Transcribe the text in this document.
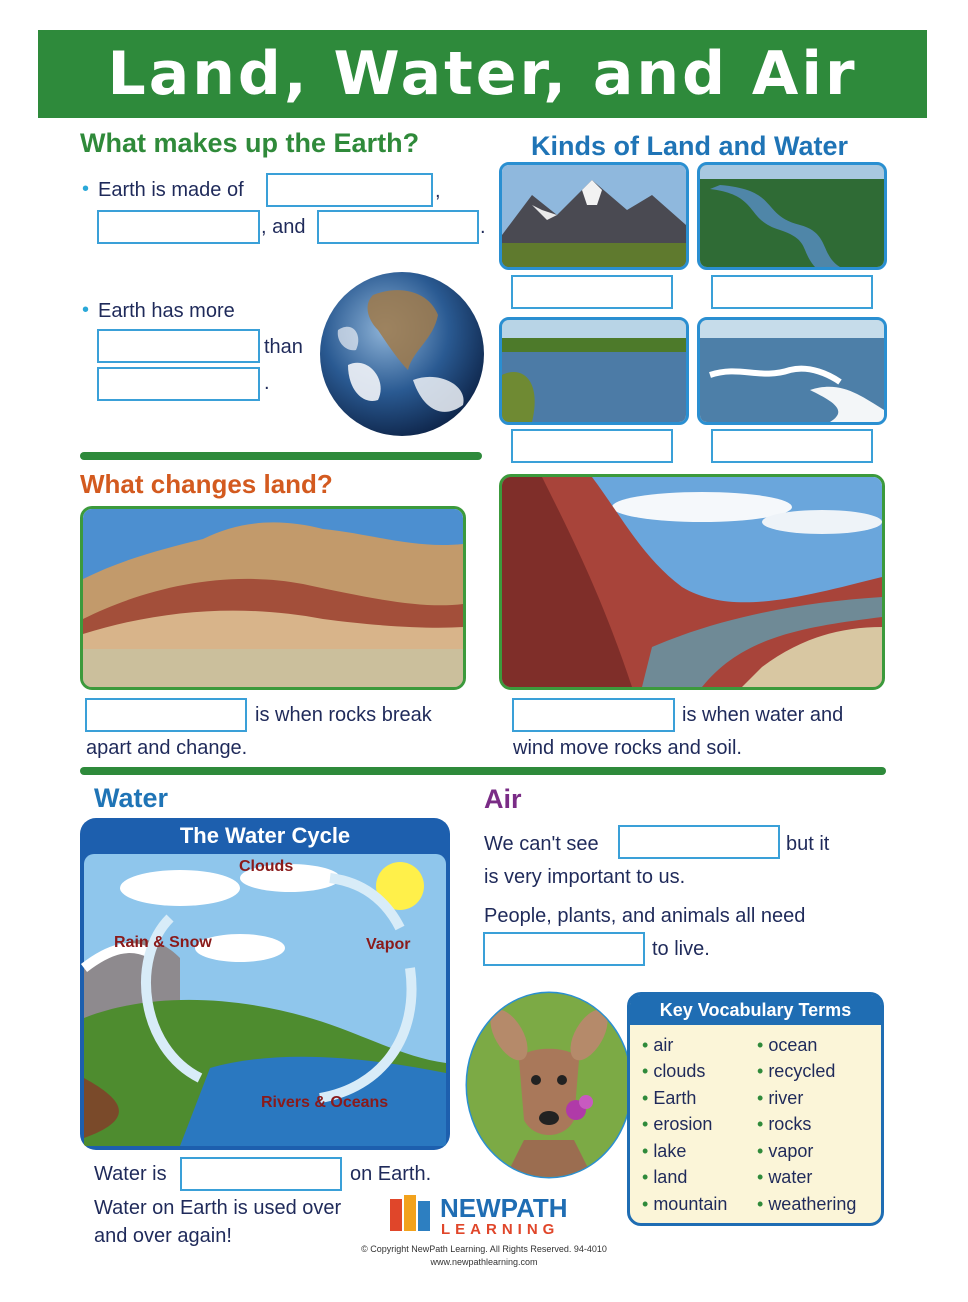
Land, Water, and Air
What makes up the Earth?
• Earth is made of	,
, and	.
• Earth has more
than
.
Kinds of Land and Water
What changes land?
is when rocks break
apart and change.
is when water and
wind move rocks and soil.
Water
The Water Cycle
Clouds
Rain & Snow	Vapor
Rivers & Oceans
Water is	on Earth.
Water on Earth is used over
and over again!
Air
We can't see	but it
is very important to us.
People, plants, and animals all need
to live.
Key Vocabulary Terms
• air
• clouds
• Earth
• erosion
• lake
• land
• mountain
• ocean
• recycled
• river
• rocks
• vapor
• water
• weathering
NEWPATH
LEARNING
© Copyright NewPath Learning. All Rights Reserved. 94-4010
www.newpathlearning.com
